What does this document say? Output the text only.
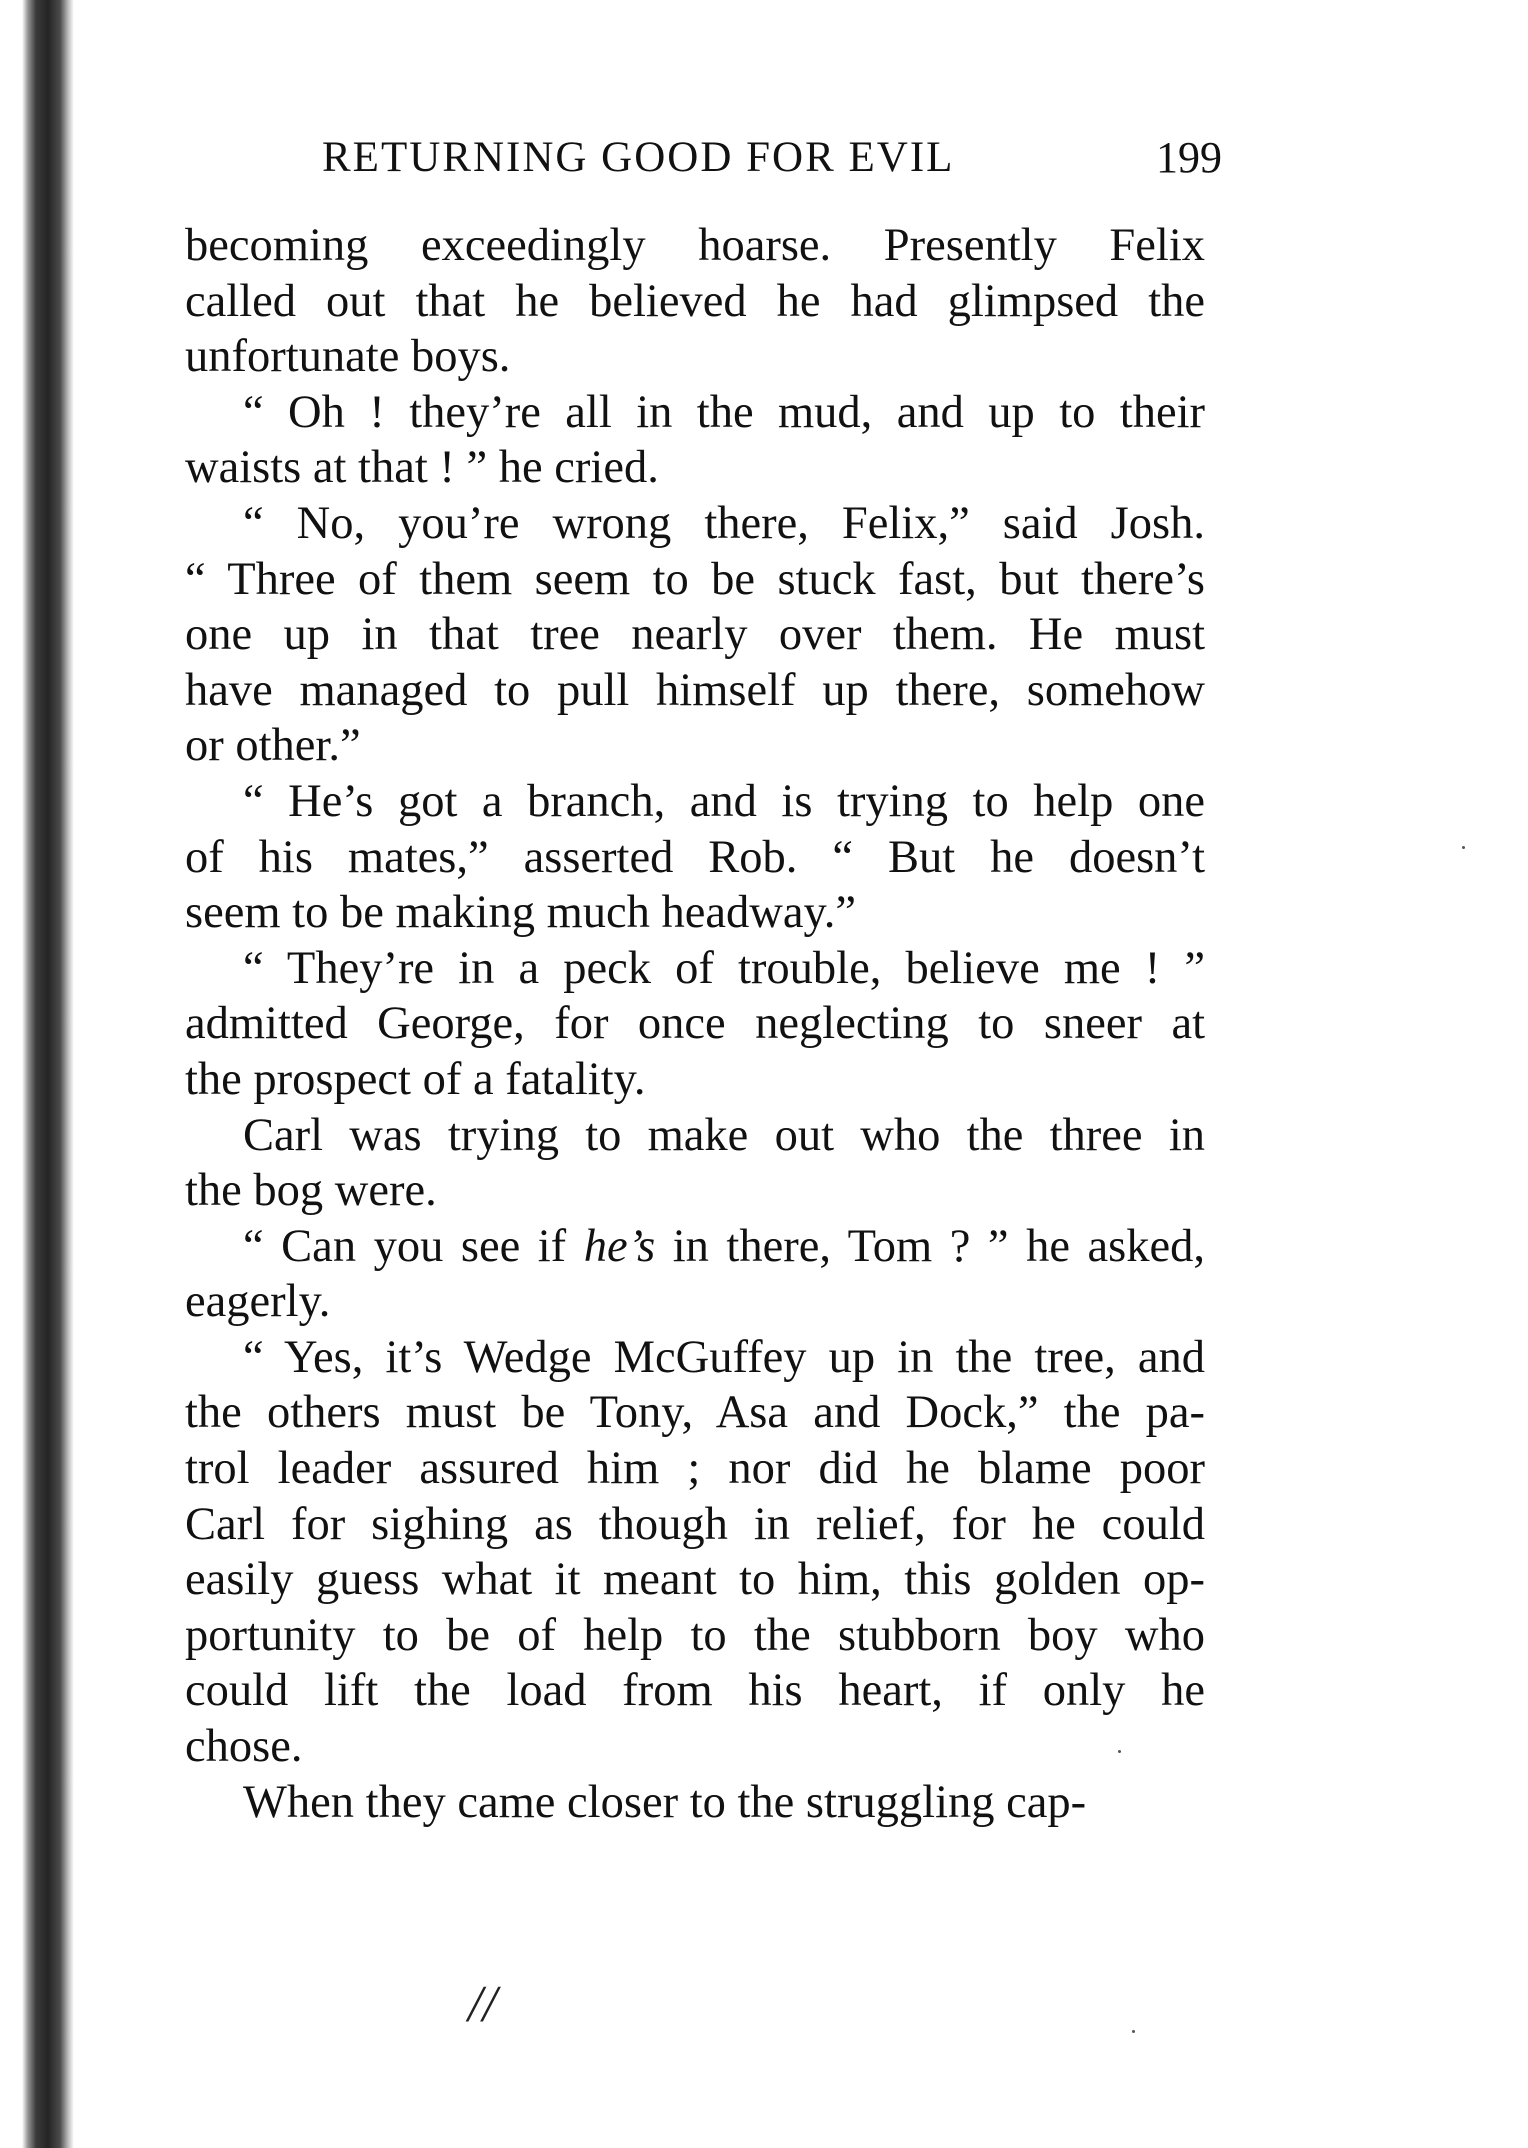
RETURNING GOOD FOR EVIL	199

becoming exceedingly hoarse. Presently Felix
called out that he believed he had glimpsed the
unfortunate boys.

“ Oh ! they’re all in the mud, and up to their
waists at that ! ” he cried.

“ No, you’re wrong there, Felix,” said Josh.
“ Three of them seem to be stuck fast, but there’s
one up in that tree nearly over them. He must
have managed to pull himself up there, somehow
or other.”

“ He’s got a branch, and is trying to help one
of his mates,” asserted Rob. “ But he doesn’t
seem to be making much headway.”

“ They’re in a peck of trouble, believe me ! ”
admitted George, for once neglecting to sneer at
the prospect of a fatality.

Carl was trying to make out who the three in
the bog were.

“ Can you see if he’s in there, Tom ? ” he asked,
eagerly.

“ Yes, it’s Wedge McGuffey up in the tree, and
the others must be Tony, Asa and Dock,” the pa-
trol leader assured him ; nor did he blame poor
Carl for sighing as though in relief, for he could
easily guess what it meant to him, this golden op-
portunity to be of help to the stubborn boy who
could lift the load from his heart, if only he
chose.

When they came closer to the struggling cap-

//
